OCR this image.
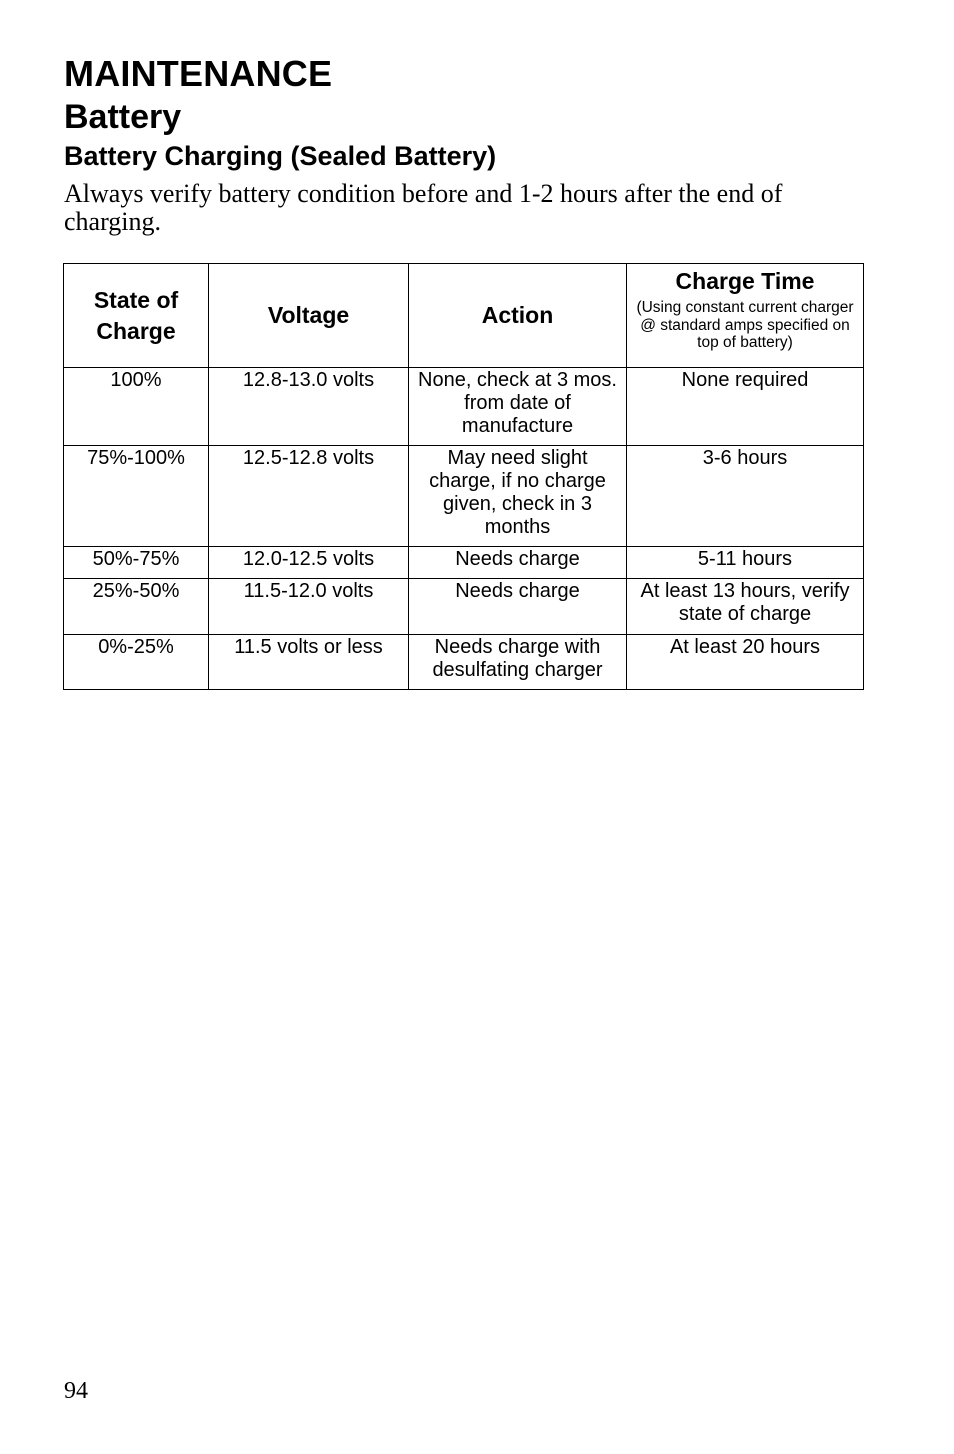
MAINTENANCE
Battery
Battery Charging (Sealed Battery)

Always verify battery condition before and 1-2 hours after the end of charging.

State of Charge	Voltage	Action	Charge Time
(Using constant current charger @ standard amps specified on top of battery)

100%	12.8-13.0 volts	None, check at 3 mos. from date of manufacture	None required
75%-100%	12.5-12.8 volts	May need slight charge, if no charge given, check in 3 months	3-6 hours
50%-75%	12.0-12.5 volts	Needs charge	5-11 hours
25%-50%	11.5-12.0 volts	Needs charge	At least 13 hours, verify state of charge
0%-25%	11.5 volts or less	Needs charge with desulfating charger	At least 20 hours
94
